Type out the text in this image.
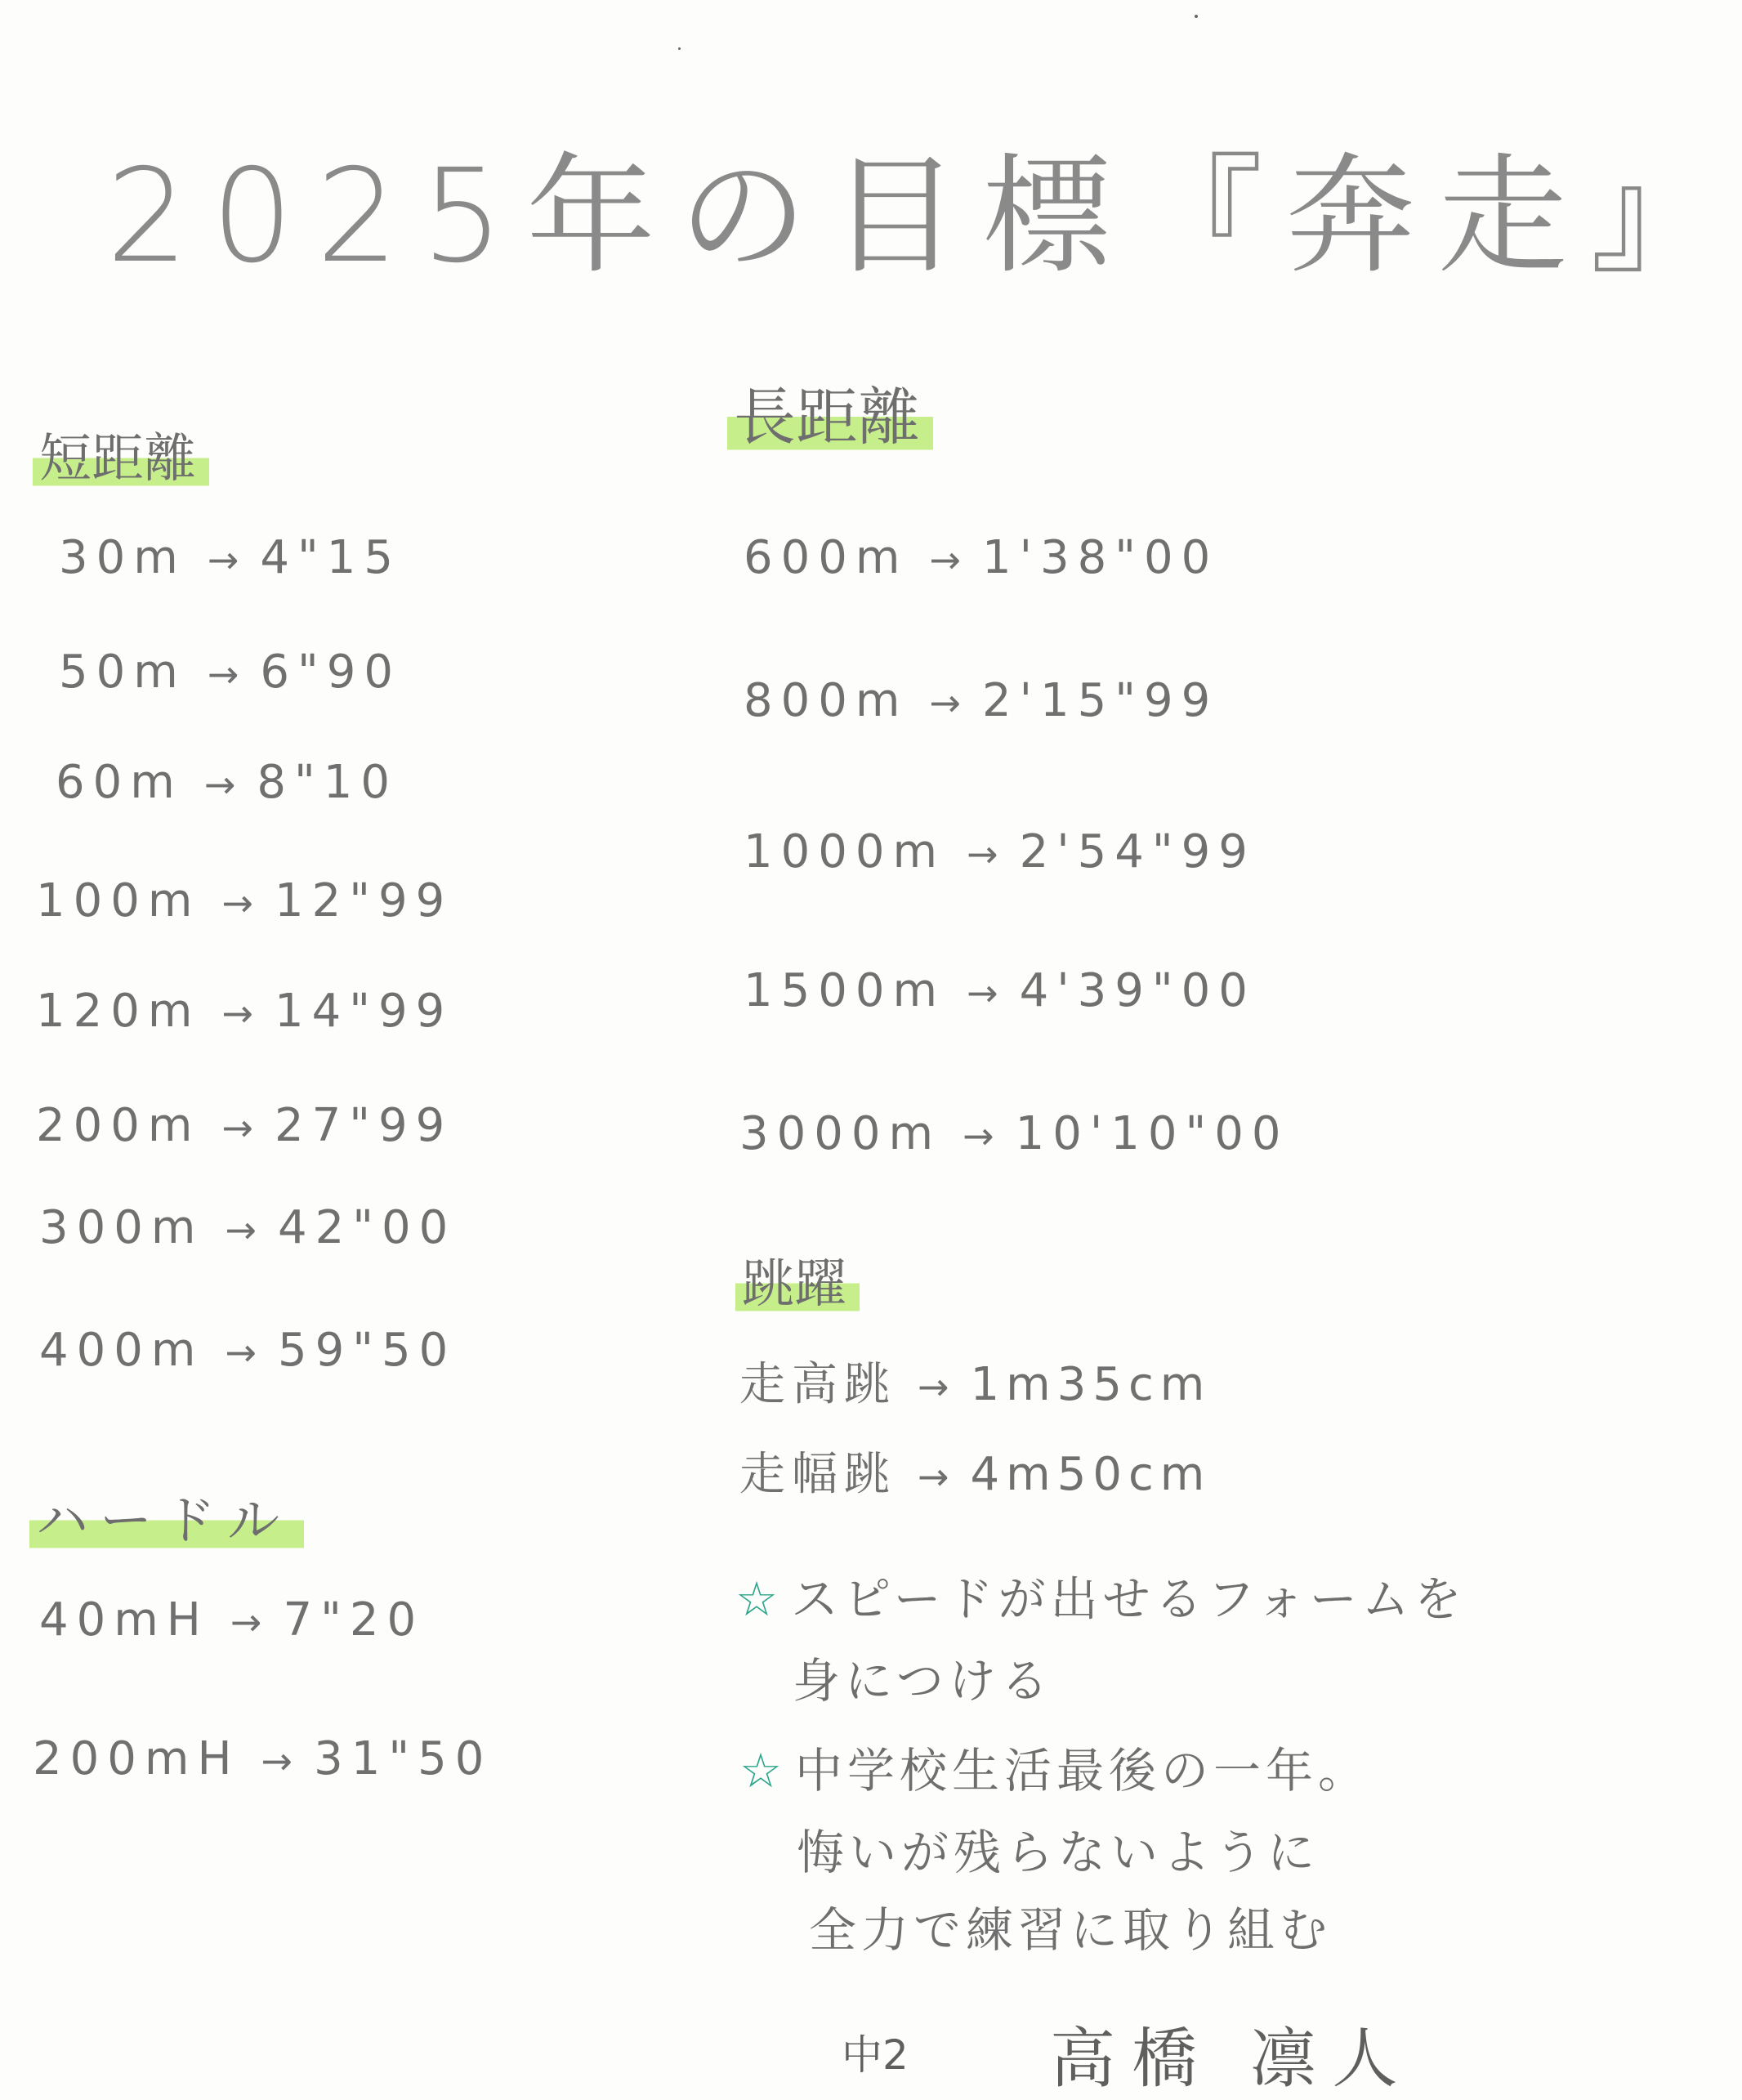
2025年の目標『奔走』
短距離
30m → 4"15
50m → 6"90
60m → 8"10
100m → 12"99
120m → 14"99
200m → 27"99
300m → 42"00
400m → 59"50
ハードル
40mH → 7"20
200mH → 31"50
長距離
600m → 1'38"00
800m → 2'15"99
1000m → 2'54"99
1500m → 4'39"00
3000m → 10'10"00
跳躍
走高跳 → 1m35cm
走幅跳 → 4m50cm
☆ スピードが出せるフォームを
身につける
☆ 中学校生活最後の一年。
悔いが残らないように
全力で練習に取り組む
中2 高橋 凛人
